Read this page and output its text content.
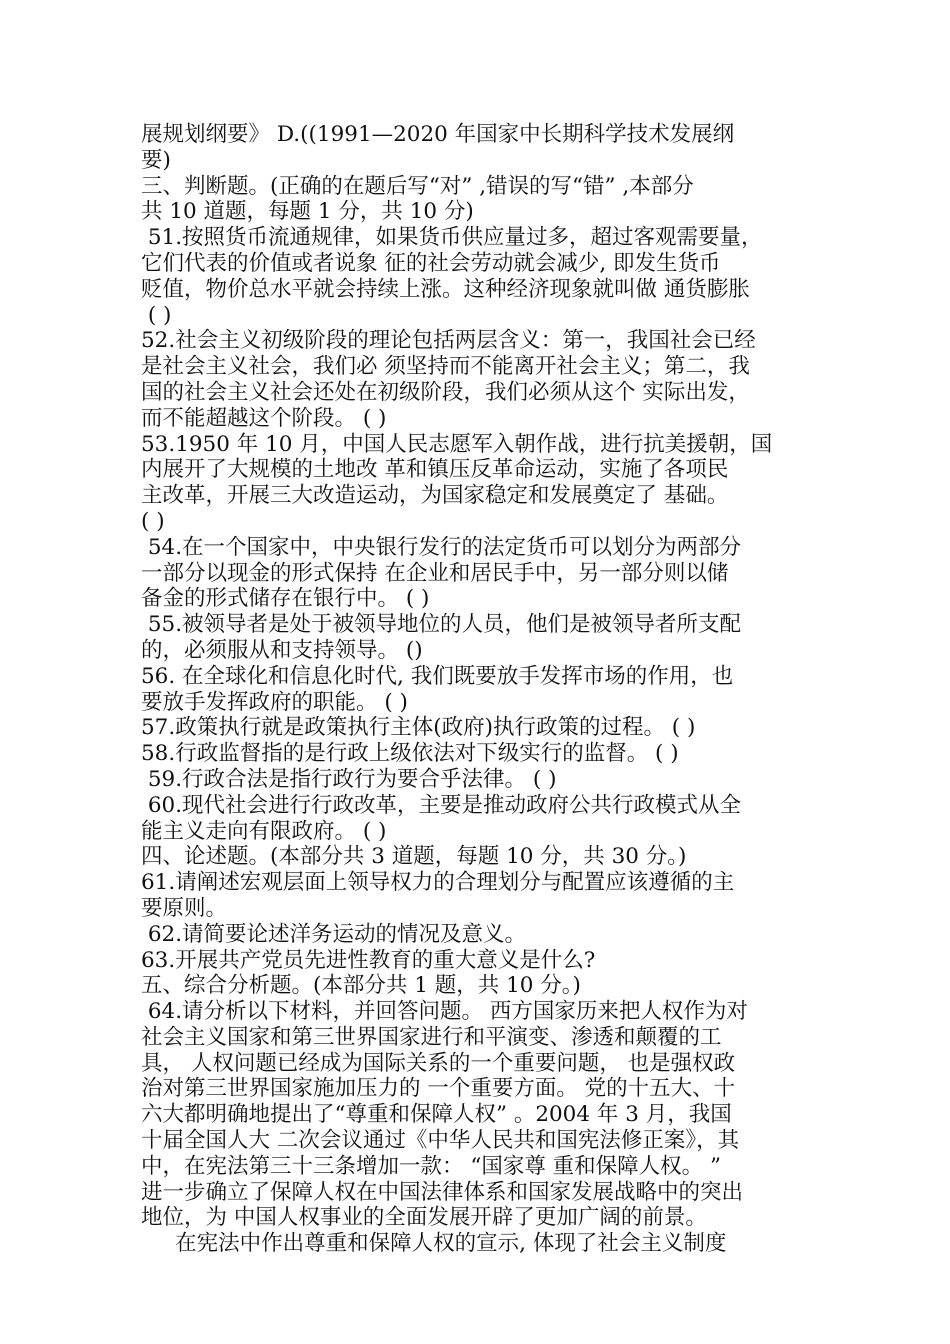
展规划纲要》 D.((1991—2020 年国家中长期科学技术发展纲
要)
三、判断题。(正确的在题后写“对” ,错误的写“错” ,本部分
共 10 道题，每题 1 分，共 10 分)
51.按照货币流通规律，如果货币供应量过多，超过客观需要量，
它们代表的价值或者说象 征的社会劳动就会减少, 即发生货币
贬值，物价总水平就会持续上涨。这种经济现象就叫做 通货膨胀
( )
52.社会主义初级阶段的理论包括两层含义：第一，我国社会已经
是社会主义社会，我们必 须坚持而不能离开社会主义；第二，我
国的社会主义社会还处在初级阶段，我们必须从这个 实际出发，
而不能超越这个阶段。 ( )
53.1950 年 10 月，中国人民志愿军入朝作战，进行抗美援朝，国
内展开了大规模的土地改 革和镇压反革命运动，实施了各项民
主改革，开展三大改造运动，为国家稳定和发展奠定了 基础。
( )
54.在一个国家中，中央银行发行的法定货币可以划分为两部分
一部分以现金的形式保持 在企业和居民手中，另一部分则以储
备金的形式储存在银行中。 ( )
55.被领导者是处于被领导地位的人员，他们是被领导者所支配
的，必须服从和支持领导。 ()
56. 在全球化和信息化时代, 我们既要放手发挥市场的作用，也
要放手发挥政府的职能。 ( )
57.政策执行就是政策执行主体(政府)执行政策的过程。 ( )
58.行政监督指的是行政上级依法对下级实行的监督。 ( )
59.行政合法是指行政行为要合乎法律。 ( )
60.现代社会进行行政改革，主要是推动政府公共行政模式从全
能主义走向有限政府。 ( )
四、论述题。(本部分共 3 道题，每题 10 分，共 30 分。)
61.请阐述宏观层面上领导权力的合理划分与配置应该遵循的主
要原则。
62.请简要论述洋务运动的情况及意义。
63.开展共产党员先进性教育的重大意义是什么?
五、综合分析题。(本部分共 1 题，共 10 分。)
64.请分析以下材料，并回答问题。 西方国家历来把人权作为对
社会主义国家和第三世界国家进行和平演变、渗透和颠覆的工
具， 人权问题已经成为国际关系的一个重要问题， 也是强权政
治对第三世界国家施加压力的 一个重要方面。 党的十五大、十
六大都明确地提出了“尊重和保障人权” 。2004 年 3 月，我国
十届全国人大 二次会议通过《中华人民共和国宪法修正案》，其
中，在宪法第三十三条增加一款： “国家尊 重和保障人权。 ”
进一步确立了保障人权在中国法律体系和国家发展战略中的突出
地位，为 中国人权事业的全面发展开辟了更加广阔的前景。
在宪法中作出尊重和保障人权的宣示, 体现了社会主义制度
